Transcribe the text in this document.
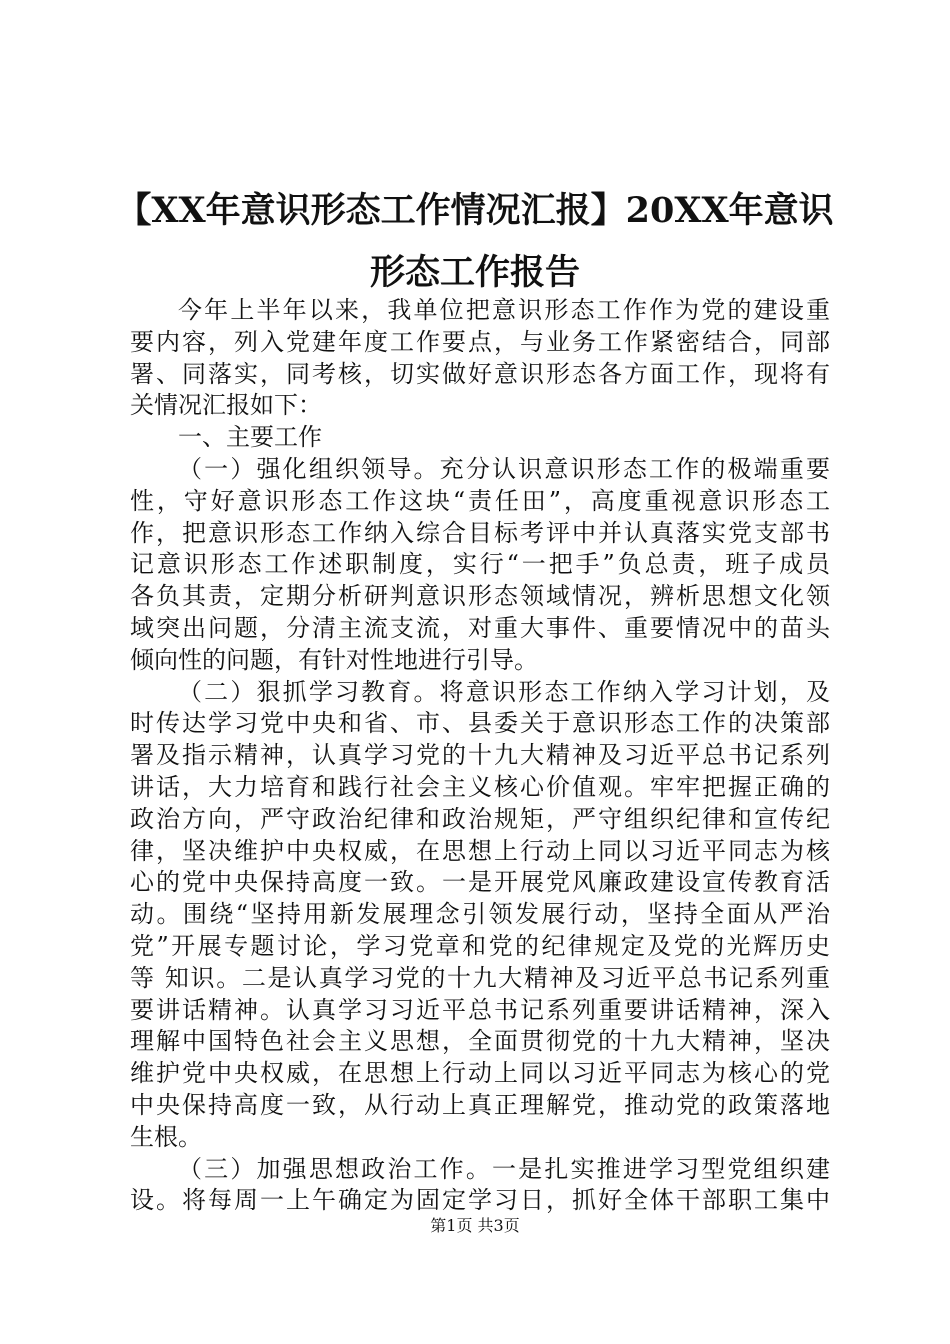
【XX年意识形态工作情况汇报】20XX年意识
形态工作报告
今年上半年以来，我单位把意识形态工作作为党的建设重
要内容，列入党建年度工作要点，与业务工作紧密结合，同部
署、同落实，同考核，切实做好意识形态各方面工作，现将有
关情况汇报如下：
一、主要工作
（一）强化组织领导。充分认识意识形态工作的极端重要
性，守好意识形态工作这块“责任田”，高度重视意识形态工
作，把意识形态工作纳入综合目标考评中并认真落实党支部书
记意识形态工作述职制度，实行“一把手”负总责，班子成员
各负其责，定期分析研判意识形态领域情况，辨析思想文化领
域突出问题，分清主流支流，对重大事件、重要情况中的苗头
倾向性的问题，有针对性地进行引导。
（二）狠抓学习教育。将意识形态工作纳入学习计划，及
时传达学习党中央和省、市、县委关于意识形态工作的决策部
署及指示精神，认真学习党的十九大精神及习近平总书记系列
讲话，大力培育和践行社会主义核心价值观。牢牢把握正确的
政治方向，严守政治纪律和政治规矩，严守组织纪律和宣传纪
律，坚决维护中央权威，在思想上行动上同以习近平同志为核
心的党中央保持高度一致。一是开展党风廉政建设宣传教育活
动。围绕“坚持用新发展理念引领发展行动，坚持全面从严治
党”开展专题讨论，学习党章和党的纪律规定及党的光辉历史
等 知识。二是认真学习党的十九大精神及习近平总书记系列重
要讲话精神。认真学习习近平总书记系列重要讲话精神，深入
理解中国特色社会主义思想，全面贯彻党的十九大精神，坚决
维护党中央权威，在思想上行动上同以习近平同志为核心的党
中央保持高度一致，从行动上真正理解党，推动党的政策落地
生根。
（三）加强思想政治工作。一是扎实推进学习型党组织建
设。将每周一上午确定为固定学习日，抓好全体干部职工集中
第1页 共3页
